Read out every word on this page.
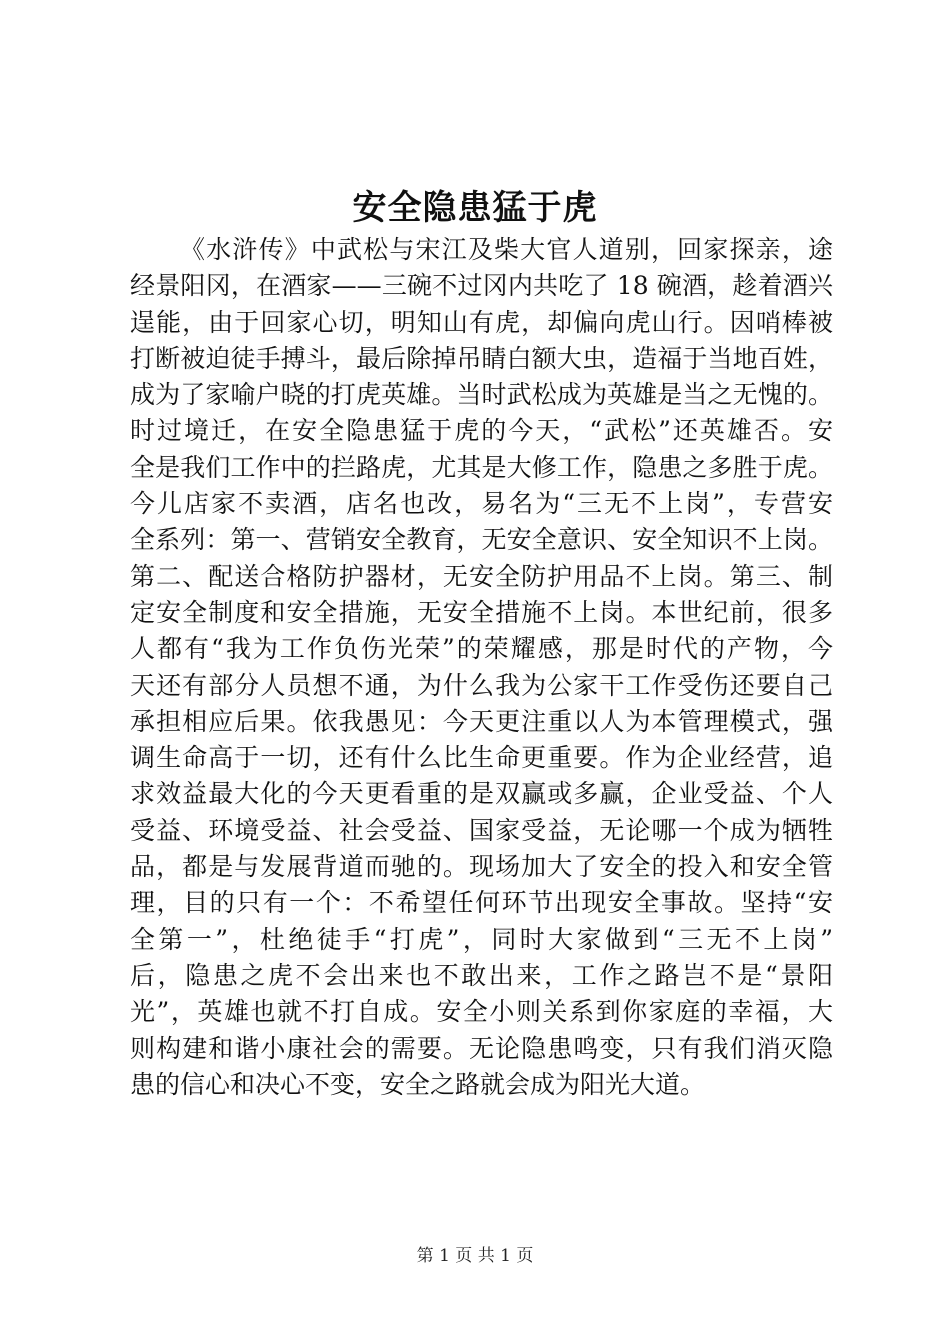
安全隐患猛于虎
《水浒传》中武松与宋江及柴大官人道别，回家探亲，途
经景阳冈，在酒家——三碗不过冈内共吃了 18 碗酒，趁着酒兴
逞能，由于回家心切，明知山有虎，却偏向虎山行。因哨棒被
打断被迫徒手搏斗，最后除掉吊睛白额大虫，造福于当地百姓，
成为了家喻户晓的打虎英雄。当时武松成为英雄是当之无愧的。
时过境迁，在安全隐患猛于虎的今天，“武松”还英雄否。安
全是我们工作中的拦路虎，尤其是大修工作，隐患之多胜于虎。
今儿店家不卖酒，店名也改，易名为“三无不上岗”，专营安
全系列：第一、营销安全教育，无安全意识、安全知识不上岗。
第二、配送合格防护器材，无安全防护用品不上岗。第三、制
定安全制度和安全措施，无安全措施不上岗。本世纪前，很多
人都有“我为工作负伤光荣”的荣耀感，那是时代的产物，今
天还有部分人员想不通，为什么我为公家干工作受伤还要自己
承担相应后果。依我愚见：今天更注重以人为本管理模式，强
调生命高于一切，还有什么比生命更重要。作为企业经营，追
求效益最大化的今天更看重的是双赢或多赢，企业受益、个人
受益、环境受益、社会受益、国家受益，无论哪一个成为牺牲
品，都是与发展背道而驰的。现场加大了安全的投入和安全管
理，目的只有一个：不希望任何环节出现安全事故。坚持“安
全第一”，杜绝徒手“打虎”，同时大家做到“三无不上岗”
后，隐患之虎不会出来也不敢出来，工作之路岂不是“景阳
光”，英雄也就不打自成。安全小则关系到你家庭的幸福，大
则构建和谐小康社会的需要。无论隐患鸣变，只有我们消灭隐
患的信心和决心不变，安全之路就会成为阳光大道。
第 1 页 共 1 页
